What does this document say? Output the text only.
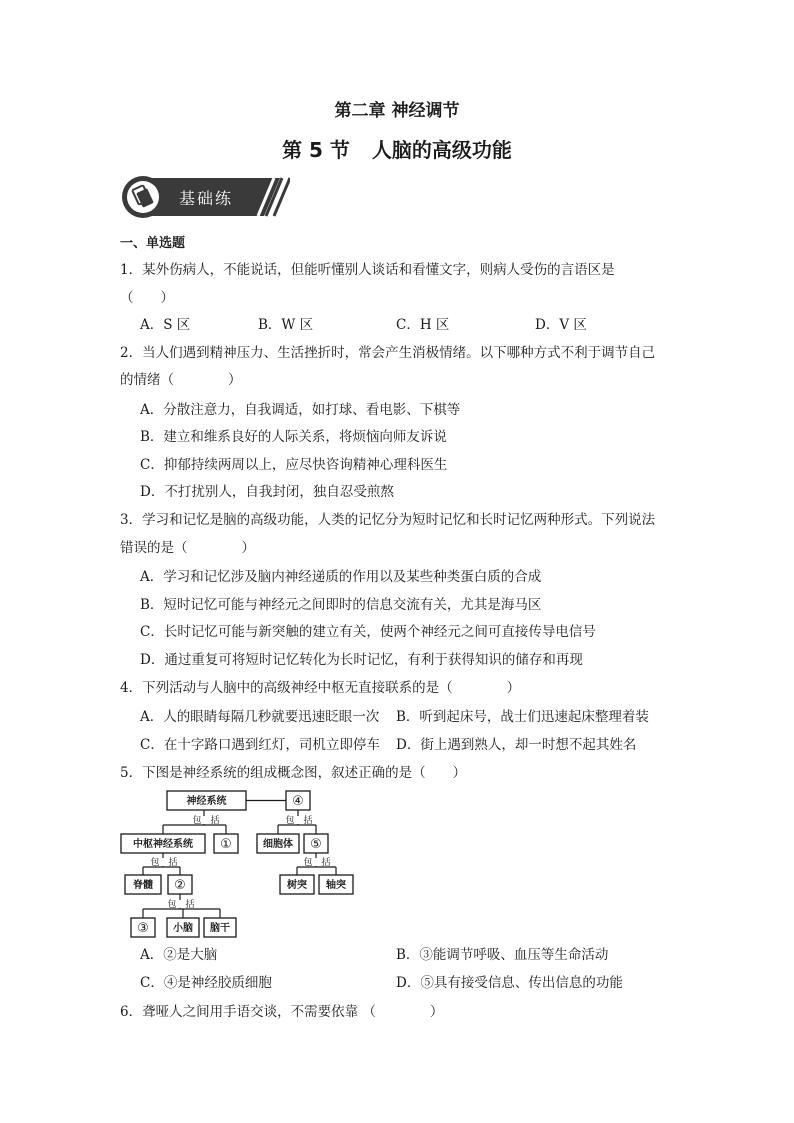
第二章 神经调节
第 5 节 人脑的高级功能
基础练
一、单选题
1．某外伤病人，不能说话，但能听懂别人谈话和看懂文字，则病人受伤的言语区是
（　　）
A．S 区	B．W 区	C．H 区	D．V 区
2．当人们遇到精神压力、生活挫折时，常会产生消极情绪。以下哪种方式不利于调节自己
的情绪（　　　　）
A．分散注意力，自我调适，如打球、看电影、下棋等
B．建立和维系良好的人际关系，将烦恼向师友诉说
C．抑郁持续两周以上，应尽快咨询精神心理科医生
D．不打扰别人，自我封闭，独自忍受煎熬
3．学习和记忆是脑的高级功能，人类的记忆分为短时记忆和长时记忆两种形式。下列说法
错误的是（　　　　）
A．学习和记忆涉及脑内神经递质的作用以及某些种类蛋白质的合成
B．短时记忆可能与神经元之间即时的信息交流有关，尤其是海马区
C．长时记忆可能与新突触的建立有关，使两个神经元之间可直接传导电信号
D．通过重复可将短时记忆转化为长时记忆，有利于获得知识的储存和再现
4．下列活动与人脑中的高级神经中枢无直接联系的是（　　　　）
A．人的眼睛每隔几秒就要迅速眨眼一次 B．听到起床号，战士们迅速起床整理着装
C．在十字路口遇到红灯，司机立即停车 D．街上遇到熟人，却一时想不起其姓名
5．下图是神经系统的组成概念图，叙述正确的是（　　）
神经系统	④
中枢神经系统 ①	细胞体 ⑤
脊髓 ②	树突 轴突
③ 小脑 脑干
包　括	包　括
包　括	包　括
包　括
A．②是大脑	B．③能调节呼吸、血压等生命活动
C．④是神经胶质细胞	D．⑤具有接受信息、传出信息的功能
6．聋哑人之间用手语交谈，不需要依靠 （　　　　）
